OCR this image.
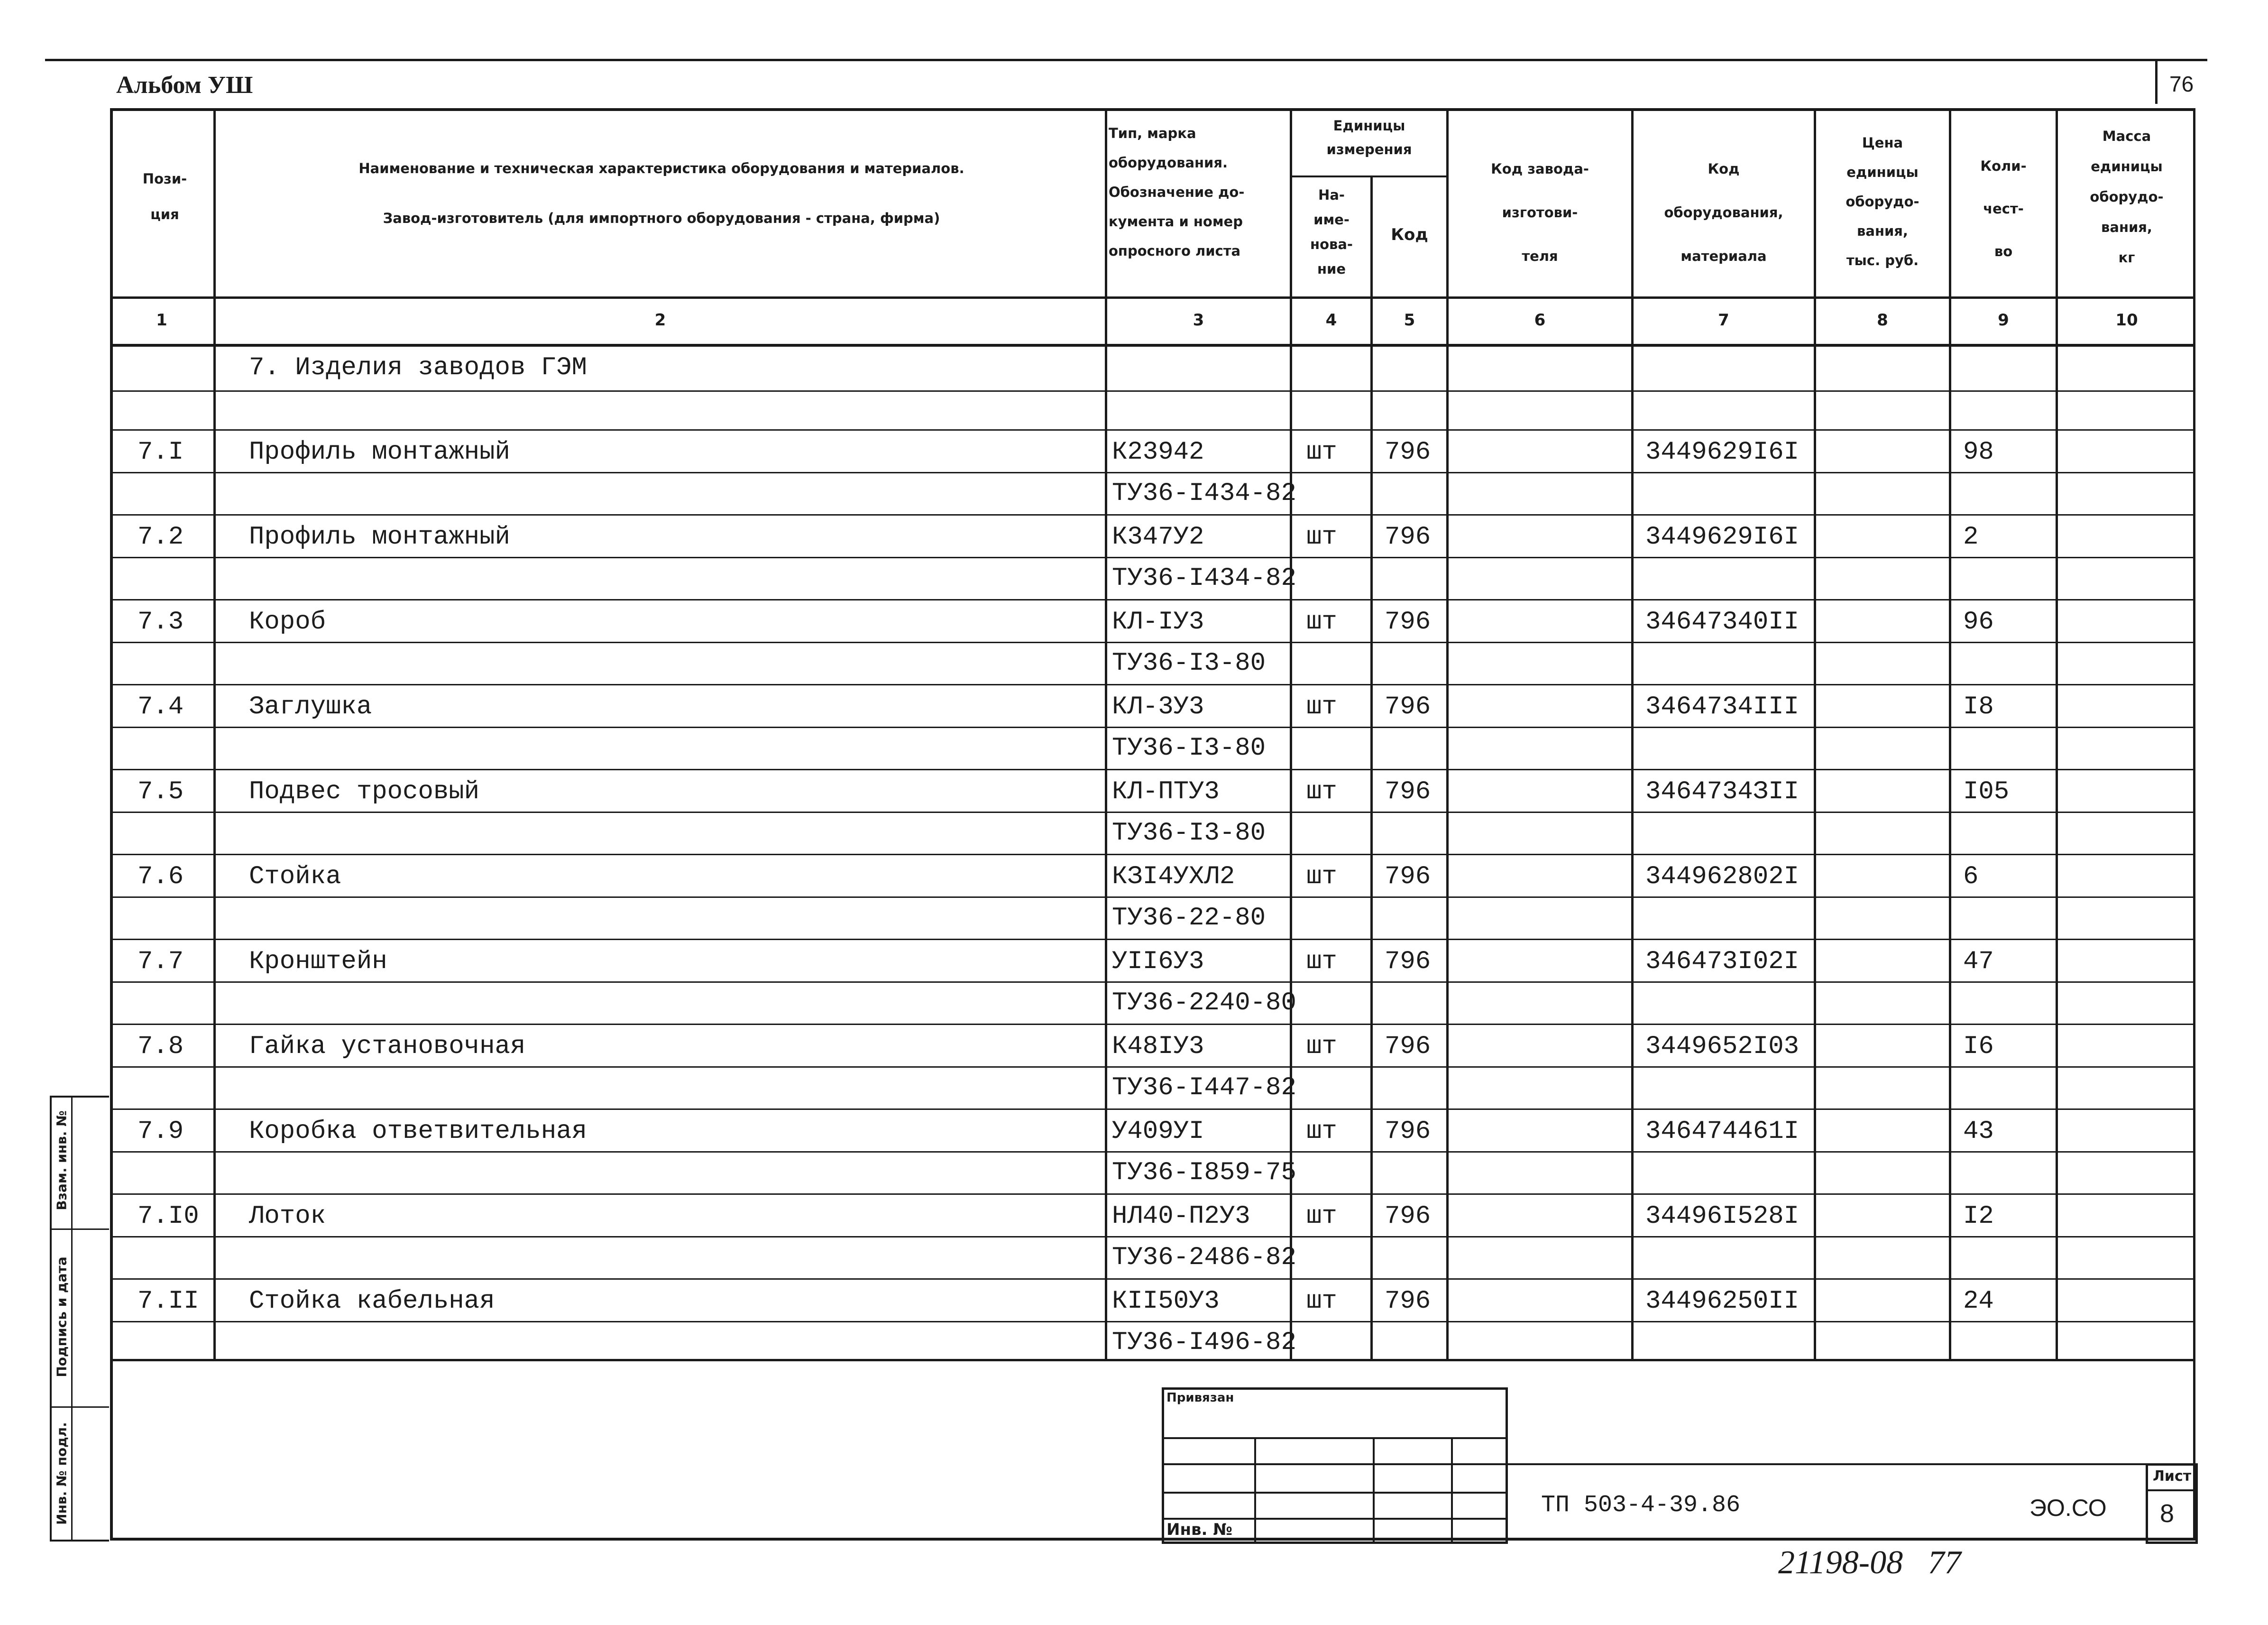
Альбом УШ	76
Пози-
ция
Наименование и техническая характеристика оборудования и материалов.
Завод-изготовитель (для импортного оборудования - страна, фирма)
Тип, марка
оборудования.
Обозначение до-
кумента и номер
опросного листа
Единицы
измерения
На-
име-
нова-
ние
Код
Код завода-
изготови-
теля
Код
оборудования,
материала
Цена
единицы
оборудо-
вания,
тыс. руб.
Коли-
чест-
во
Масса
единицы
оборудо-
вания,
кг
1	2	3	4	5	6	7	8	9	10
7. Изделия заводов ГЭМ
7.I	Профиль монтажный	К23942	шт 796	3449629I6I	98
ТУ36-I434-82
7.2	Профиль монтажный	К347У2	шт 796	3449629I6I	2
ТУ36-I434-82
7.3	Короб	КЛ-IУ3	шт 796	34647340II	96
ТУ36-I3-80
7.4	Заглушка	КЛ-3У3	шт 796	3464734III	I8
ТУ36-I3-80
7.5	Подвес тросовый	КЛ-ПТУ3	шт 796	3464734ЗII	I05
ТУ36-I3-80
7.6	Стойка	КЗI4УХЛ2	шт 796	344962802I	6
ТУ36-22-80
7.7	Кронштейн	УII6У3	шт 796	346473I02I	47
ТУ36-2240-80
7.8	Гайка установочная	К48IУ3	шт 796	3449652I03	I6
ТУ36-I447-82
7.9	Коробка ответвительная	У409УI	шт 796	346474461I	43
ТУ36-I859-75
7.I0 Лоток	НЛ40-П2У3 шт 796	34496I528I	I2
ТУ36-2486-82
7.II Стойка кабельная	КII50У3	шт 796	34496250II	24
ТУ36-I496-82
Взам. инв. №
Подпись и дата
Инв. № подл.
Привязан
Инв. №
ТП 503-4-39.86	ЭО.СО
Лист
8
21198-08   77
